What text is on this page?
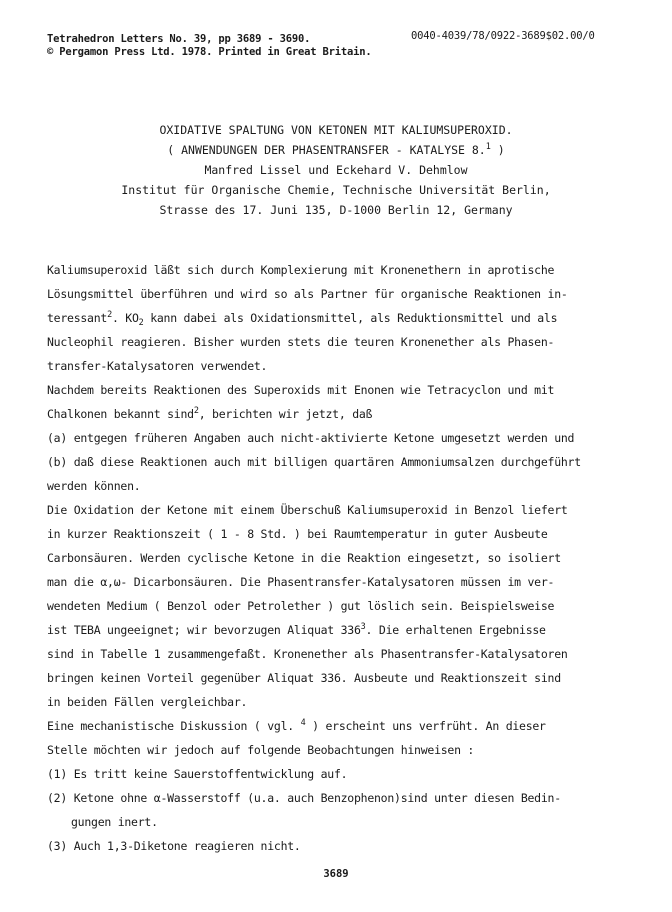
Tetrahedron Letters No. 39, pp 3689 - 3690.
© Pergamon Press Ltd. 1978. Printed in Great Britain.
0040-4039/78/0922-3689$02.00/0
OXIDATIVE SPALTUNG VON KETONEN MIT KALIUMSUPEROXID.
( ANWENDUNGEN DER PHASENTRANSFER - KATALYSE 8.$^1$ )
Manfred Lissel und Eckehard V. Dehmlow
Institut für Organische Chemie, Technische Universität Berlin,
Strasse des 17. Juni 135, D-1000 Berlin 12, Germany
Kaliumsuperoxid läßt sich durch Komplexierung mit Kronenethern in aprotische
Lösungsmittel überführen und wird so als Partner für organische Reaktionen in-
teressant$^2$. $KO_2$ kann dabei als Oxidationsmittel, als Reduktionsmittel und als
Nucleophil reagieren. Bisher wurden stets die teuren Kronenether als Phasen-
transfer-Katalysatoren verwendet.
Nachdem bereits Reaktionen des Superoxids mit Enonen wie Tetracyclon und mit
Chalkonen bekannt sind$^2$, berichten wir jetzt, daß
(a) entgegen früheren Angaben auch nicht-aktivierte Ketone umgesetzt werden und
(b) daß diese Reaktionen auch mit billigen quartären Ammoniumsalzen durchgeführt
werden können.
Die Oxidation der Ketone mit einem Überschuß Kaliumsuperoxid in Benzol liefert
in kurzer Reaktionszeit ( 1 - 8 Std. ) bei Raumtemperatur in guter Ausbeute
Carbonsäuren. Werden cyclische Ketone in die Reaktion eingesetzt, so isoliert
man die α,ω- Dicarbonsäuren. Die Phasentransfer-Katalysatoren müssen im ver-
wendeten Medium ( Benzol oder Petrolether ) gut löslich sein. Beispielsweise
ist TEBA ungeeignet; wir bevorzugen Aliquat $336^3$. Die erhaltenen Ergebnisse
sind in Tabelle 1 zusammengefaßt. Kronenether als Phasentransfer-Katalysatoren
bringen keinen Vorteil gegenüber Aliquat 336. Ausbeute und Reaktionszeit sind
in beiden Fällen vergleichbar.
Eine mechanistische Diskussion ( vgl. $^4$ ) erscheint uns verfrüht. An dieser
Stelle möchten wir jedoch auf folgende Beobachtungen hinweisen :
(1) Es tritt keine Sauerstoffentwicklung auf.
(2) Ketone ohne α-Wasserstoff (u.a. auch Benzophenon)sind unter diesen Bedin-
gungen inert.
(3) Auch 1,3-Diketone reagieren nicht.
3689
